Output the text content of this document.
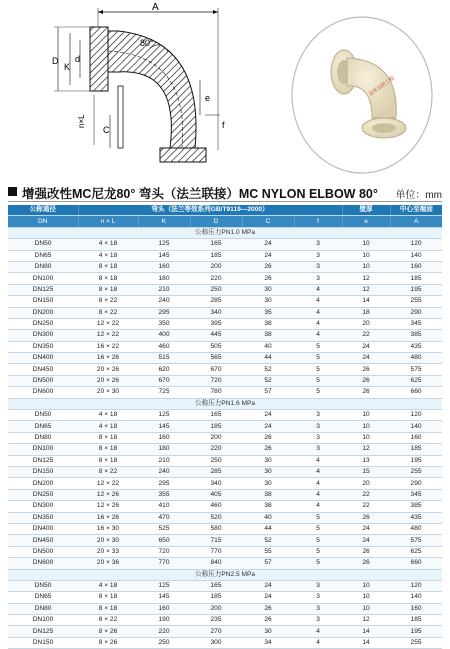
A
80°
D
K
d
n×L
C
e
f
金环安防工程
增强改性MC尼龙80° 弯头（法兰联接）MC NYLON ELBOW 80° 单位：mm
公称通径	弯头（法兰等效系列GB/T9119—2000）					壁厚	中心至端面
DN	n × L	K	D	C	f	e	A
公称压力PN1.0 MPa							
DN50	4 × 18	125	165	24	3	10	120
DN65	4 × 18	145	185	24	3	10	140
DN80	8 × 18	160	200	26	3	10	160
DN100	8 × 18	180	220	26	3	12	185
DN125	8 × 18	210	250	30	4	12	195
DN150	8 × 22	240	285	30	4	14	255
DN200	8 × 22	295	340	35	4	18	290
DN250	12 × 22	350	395	38	4	20	345
DN300	12 × 22	400	445	38	4	22	385
DN350	16 × 22	460	505	40	5	24	435
DN400	16 × 26	515	565	44	5	24	480
DN450	20 × 26	620	670	52	5	26	575
DN500	20 × 26	670	720	52	5	26	625
DN600	20 × 30	725	780	57	5	26	660
公称压力PN1.6 MPa							
DN50	4 × 18	125	165	24	3	10	120
DN65	4 × 18	145	185	24	3	10	140
DN80	8 × 18	160	200	26	3	10	160
DN100	8 × 18	180	220	26	3	12	185
DN125	8 × 18	210	250	30	4	13	195
DN150	8 × 22	240	285	30	4	15	255
DN200	12 × 22	295	340	30	4	20	290
DN250	12 × 26	355	405	38	4	22	345
DN300	12 × 26	410	460	38	4	22	385
DN350	16 × 26	470	520	40	5	26	435
DN400	16 × 30	525	580	44	5	24	480
DN450	20 × 30	650	715	52	5	24	575
DN500	20 × 33	720	770	55	5	26	625
DN600	20 × 36	770	840	57	5	26	660
公称压力PN2.5 MPa							
DN50	4 × 18	125	165	24	3	10	120
DN65	8 × 18	145	185	24	3	10	140
DN80	8 × 18	160	200	26	3	10	160
DN100	8 × 22	190	235	26	3	12	185
DN125	8 × 26	220	270	30	4	14	195
DN150	8 × 26	250	300	34	4	14	255
